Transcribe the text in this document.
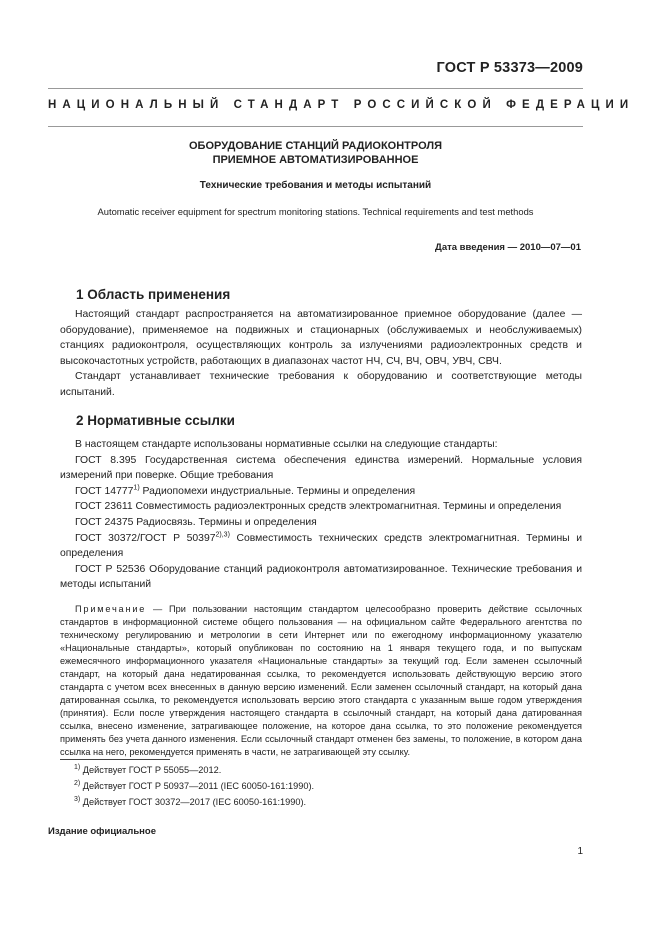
ГОСТ Р 53373—2009
НАЦИОНАЛЬНЫЙ СТАНДАРТ РОССИЙСКОЙ ФЕДЕРАЦИИ
ОБОРУДОВАНИЕ СТАНЦИЙ РАДИОКОНТРОЛЯ
ПРИЕМНОЕ АВТОМАТИЗИРОВАННОЕ
Технические требования и методы испытаний
Automatic receiver equipment for spectrum monitoring stations. Technical requirements and test methods
Дата введения — 2010—07—01
1 Область применения

Настоящий стандарт распространяется на автоматизированное приемное оборудование (далее — оборудование), применяемое на подвижных и стационарных (обслуживаемых и необслуживаемых) станциях радиоконтроля, осуществляющих контроль за излучениями радиоэлектронных средств и высокочастотных устройств, работающих в диапазонах частот НЧ, СЧ, ВЧ, ОВЧ, УВЧ, СВЧ.

Стандарт устанавливает технические требования к оборудованию и соответствующие методы испытаний.

2 Нормативные ссылки

В настоящем стандарте использованы нормативные ссылки на следующие стандарты:

ГОСТ 8.395 Государственная система обеспечения единства измерений. Нормальные условия измерений при поверке. Общие требования

ГОСТ 14777$^{1)}$ Радиопомехи индустриальные. Термины и определения

ГОСТ 23611 Совместимость радиоэлектронных средств электромагнитная. Термины и определения

ГОСТ 24375 Радиосвязь. Термины и определения

ГОСТ 30372/ГОСТ Р $50397^{2),3)}$ Совместимость технических средств электромагнитная. Термины и определения

ГОСТ Р 52536 Оборудование станций радиоконтроля автоматизированное. Технические требования и методы испытаний

Примечание — При пользовании настоящим стандартом целесообразно проверить действие ссылочных стандартов в информационной системе общего пользования — на официальном сайте Федерального агентства по техническому регулированию и метрологии в сети Интернет или по ежегодному информационному указателю «Национальные стандарты», который опубликован по состоянию на 1 января текущего года, и по выпускам ежемесячного информационного указателя «Национальные стандарты» за текущий год. Если заменен ссылочный стандарт, на который дана недатированная ссылка, то рекомендуется использовать действующую версию этого стандарта с учетом всех внесенных в данную версию изменений. Если заменен ссылочный стандарт, на который дана датированная ссылка, то рекомендуется использовать версию этого стандарта с указанным выше годом утверждения (принятия). Если после утверждения настоящего стандарта в ссылочный стандарт, на который дана датированная ссылка, внесено изменение, затрагивающее положение, на которое дана ссылка, то это положение рекомендуется применять без учета данного изменения. Если ссылочный стандарт отменен без замены, то положение, в котором дана ссылка на него, рекомендуется применять в части, не затрагивающей эту ссылку.

$^{1)}$ Действует ГОСТ Р 55055—2012.
$^{2)}$ Действует ГОСТ Р 50937—2011 (IEC 60050-161:1990).
$^{3)}$ Действует ГОСТ 30372—2017 (IEC 60050-161:1990).
Издание официальное
1
